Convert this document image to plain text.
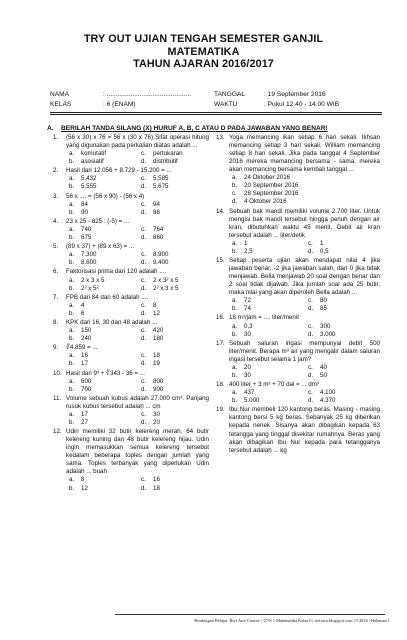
TRY OUT UJIAN TENGAH SEMESTER GANJIL
MATEMATIKA
TAHUN AJARAN 2016/2017
NAMA	: ..............................................
KELAS	: 6 (ENAM)
TANGGAL	: 19 September 2016
WAKTU	: Pukul 12.40 - 14.00 WIB
A. BERILAH TANDA SILANG (X) HURUF A, B, C ATAU D PADA JAWABAN YANG BENAR!
1. (56 x 30) x 76 = 56 x (30 x 76) Sifat operasi hitung yang digunakan pada perkalian diatas adalah ...
a. komutatif	c. pertukaran
b. asosiatif	d. distributif
2. Hasil dari 12.056 + 8.729 - 15.200 = ...
a. 5.432	c. 5.585
b. 5.555	d. 5.675
3. 56 x .... = (56 x 90) - (56 x 4)
a. 84	c. 94
b. 90	d. 86
4. 23 x 25 - 825 : (-5) = ...
a. 740	c. 764
b. 675	d. 860
5. (89 x 37) + (89 x 63) = ...
a. 7.300	c. 8.900
b. 8.600	d. 9.400
6. Faktorisasi prima dari 120 adalah ....
a. 2 x 3 x 5	c. 2 x 3² x 5
b. 2³ x 5²	d. 2³ x 3 x 5
7. FPB dari 84 dan 60 adalah ....
a. 4	c. 8
b. 6	d. 12
8. KPK dari 16, 30 dan 48 adalah ...
a. 150	c. 420
b. 240	d. 180
9. ∛4.859 = ...
a. 16	c. 18
b. 17	d. 19
10. Hasil dari 9³ + ∛343 - 36 = ...
a. 600	c. 800
b. 700	d. 900
11. Volume sebuah kubus adalah 27.000 cm³. Panjang rusuk kubus tersebut adalah ... cm
a. 17	c. 30
b. 27	d. 20
12. Udin memiliki 32 butir kelereng merah, 64 butir kelereng kuning dan 48 butir kelereng hijau. Udin ingin memasukkan semua kelereng tersebut kedalam beberapa toples dengan jumlah yang sama. Toples terbanyak yang diperlukan Udin adalah ... buah
a. 8	c. 16
b. 12	d. 18
13. Yoga memancing ikan setiap 6 hari sekali. Ikhsan memancing setiap 3 hari sekali. William memancing setiap 8 hari sekali. Jika pada tanggal 4 September 2016 mereka memancing bersama - sama, mereka akan memancing bersama kembali tanggal ...
a. 24 Oktober 2016
b. 20 September 2016
c. 28 September 2016
d. 4 Oktober 2016
14. Sebuah bak mandi memiliki volume 2.700 liter. Untuk mengisi bak mandi tersebut hingga penuh dengan air kran, dibutuhkan waktu 45 menit. Debit air kran tersebut adalah ... liter/detik
a. 1	c. 1
b. 2,5	d. 0,5
15. Setiap peserta ujian akan mendapat nilai 4 jika jawaban benar, -2 jika jawaban salah, dan 0 jika tidak menjawab. Bella menjawab 20 soal dengan benar dan 2 soal tidak dijawab. Jika jumlah soal ada 25 butir, maka nilai yang akan diperoleh Bella adalah ...
a. 72	c. 80
b. 74	d. 85
16. 18 m³/jam = .... liter/menit
a. 0,3	c. 300
b. 30	d. 3.000
17. Sebuah saluran irigasi mempunyai debit 500 liter/menit. Berapa m³ air yang mengalir dalam saluran irigasi tersebut selama 1 jam?
a. 20	c. 40
b. 30	d. 50
18. 400 liter + 3 m³ + 70 dal = ... dm³
a. 437	c. 4.100
b. 5.000	d. 4.370
19. Ibu Nur membeli 120 kantong beras. Masing - masing kantong bersi 5 kg beras. Sebanyak 25 kg diberikan kepada nenek. Sisanya akan dibagikan kepada 63 tetangga yang tinggal disekitar rumahnya. Beras yang akan dibagikan Ibu Nur kepada para tetangganya tersebut adalah ... kg
Bimbingan Belajar 'Rief Awo Course' | UTS 1 Matematika Kelas 6 | riefawa.blogspot.com | ©2016 | Halaman 1
